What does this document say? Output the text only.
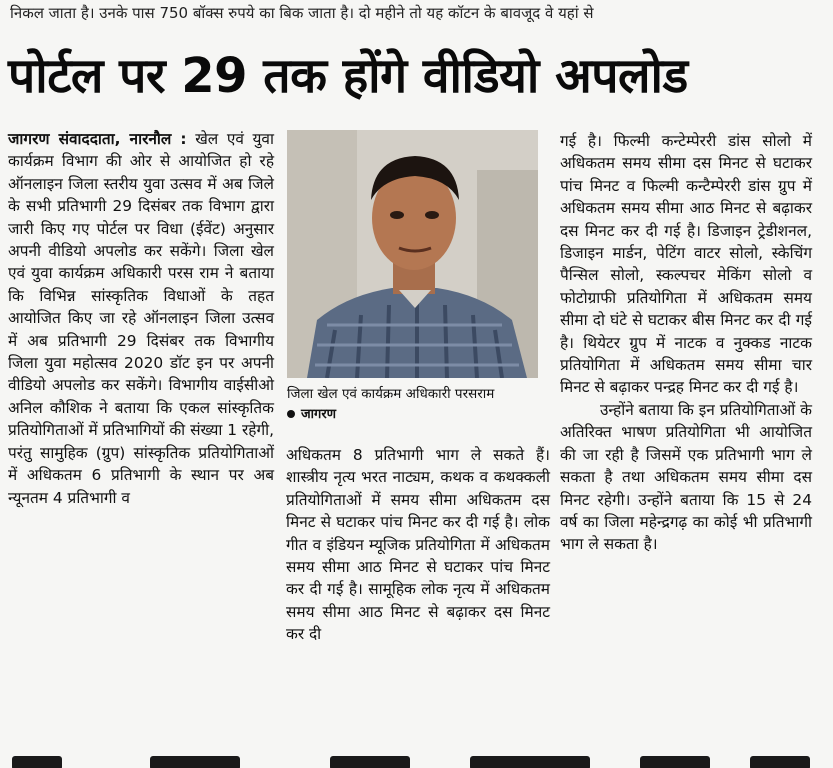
निकल जाता है। उनके पास 750 बॉक्स रुपये का बिक जाता है। दो महीने तो यह कॉटन के बावजूद वे यहां से
पोर्टल पर 29 तक होंगे वीडियो अपलोड

जागरण संवाददाता, नारनौल : खेल एवं युवा कार्यक्रम विभाग की ओर से आयोजित हो रहे ऑनलाइन जिला स्तरीय युवा उत्सव में अब जिले के सभी प्रतिभागी 29 दिसंबर तक विभाग द्वारा जारी किए गए पोर्टल पर विधा (ईवेंट) अनुसार अपनी वीडियो अपलोड कर सकेंगे। जिला खेल एवं युवा कार्यक्रम अधिकारी परस राम ने बताया कि विभिन्न सांस्कृतिक विधाओं के तहत आयोजित किए जा रहे ऑनलाइन जिला उत्सव में अब प्रतिभागी 29 दिसंबर तक विभागीय जिला युवा महोत्सव 2020 डॉट इन पर अपनी वीडियो अपलोड कर सकेंगे। विभागीय वाईसीओ अनिल कौशिक ने बताया कि एकल सांस्कृतिक प्रतियोगिताओं में प्रतिभागियों की संख्या 1 रहेगी, परंतु सामुहिक (ग्रुप) सांस्कृतिक प्रतियोगिताओं में अधिकतम 6 प्रतिभागी के स्थान पर अब न्यूनतम 4 प्रतिभागी व

जिला खेल एवं कार्यक्रम अधिकारी परसराम
जागरण

अधिकतम 8 प्रतिभागी भाग ले सकते हैं। शास्त्रीय नृत्य भरत नाट्यम, कथक व कथक्कली प्रतियोगिताओं में समय सीमा अधिकतम दस मिनट से घटाकर पांच मिनट कर दी गई है। लोक गीत व इंडियन म्यूजिक प्रतियोगिता में अधिकतम समय सीमा आठ मिनट से घटाकर पांच मिनट कर दी गई है। सामूहिक लोक नृत्य में अधिकतम समय सीमा आठ मिनट से बढ़ाकर दस मिनट कर दी

गई है। फिल्मी कन्टेम्पेररी डांस सोलो में अधिकतम समय सीमा दस मिनट से घटाकर पांच मिनट व फिल्मी कन्टैम्पेररी डांस ग्रुप में अधिकतम समय सीमा आठ मिनट से बढ़ाकर दस मिनट कर दी गई है। डिजाइन ट्रेडीशनल, डिजाइन मार्डन, पेटिंग वाटर सोलो, स्केचिंग पैन्सिल सोलो, स्कल्पचर मेकिंग सोलो व फोटोग्राफी प्रतियोगिता में अधिकतम समय सीमा दो घंटे से घटाकर बीस मिनट कर दी गई है। थियेटर ग्रुप में नाटक व नुक्कड नाटक प्रतियोगिता में अधिकतम समय सीमा चार मिनट से बढ़ाकर पन्द्रह मिनट कर दी गई है।

उन्होंने बताया कि इन प्रतियोगिताओं के अतिरिक्त भाषण प्रतियोगिता भी आयोजित की जा रही है जिसमें एक प्रतिभागी भाग ले सकता है तथा अधिकतम समय सीमा दस मिनट रहेगी। उन्होंने बताया कि 15 से 24 वर्ष का जिला महेन्द्रगढ़ का कोई भी प्रतिभागी भाग ले सकता है।
